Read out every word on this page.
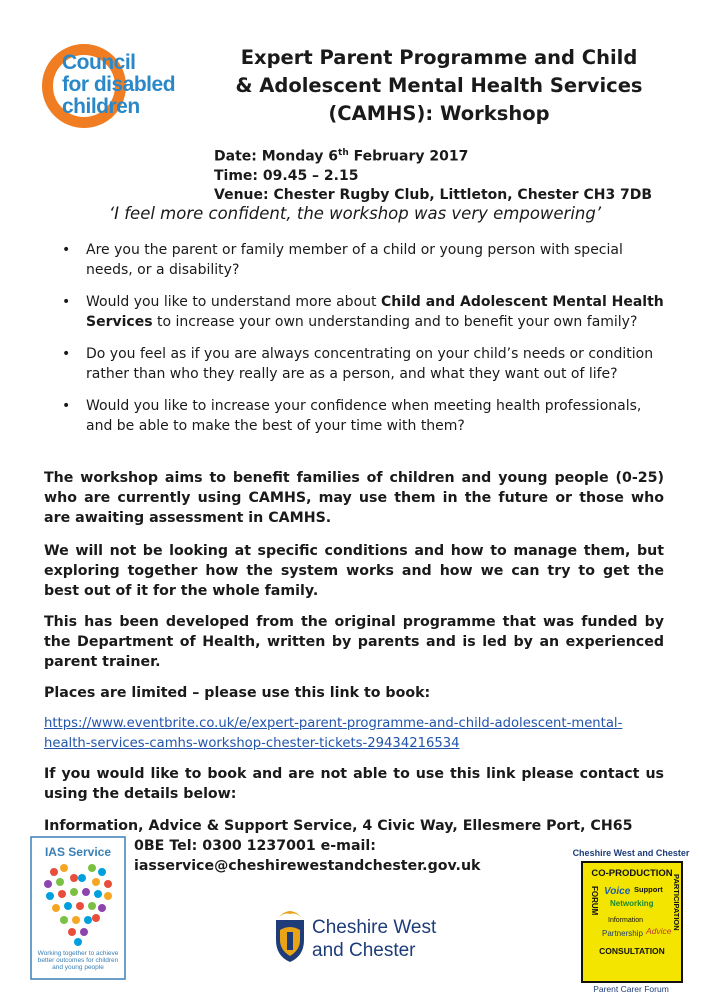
Council
for disabled
children
Expert Parent Programme and Child
& Adolescent Mental Health Services
(CAMHS): Workshop
Date: Monday 6th February 2017
Time: 09.45 – 2.15
Venue: Chester Rugby Club, Littleton, Chester CH3 7DB
‘I feel more confident, the workshop was very empowering’
• Are you the parent or family member of a child or young person with special needs, or a disability?
• Would you like to understand more about Child and Adolescent Mental Health Services to increase your own understanding and to benefit your own family?
• Do you feel as if you are always concentrating on your child’s needs or condition rather than who they really are as a person, and what they want out of life?
• Would you like to increase your confidence when meeting health professionals, and be able to make the best of your time with them?
The workshop aims to benefit families of children and young people (0-25) who are currently using CAMHS, may use them in the future or those who are awaiting assessment in CAMHS.
We will not be looking at specific conditions and how to manage them, but exploring together how the system works and how we can try to get the best out of it for the whole family.
This has been developed from the original programme that was funded by the Department of Health, written by parents and is led by an experienced parent trainer.
Places are limited – please use this link to book:
https://www.eventbrite.co.uk/e/expert-parent-programme-and-child-adolescent-mental-health-services-camhs-workshop-chester-tickets-29434216534
If you would like to book and are not able to use this link please contact us using the details below:
Information, Advice & Support Service, 4 Civic Way, Ellesmere Port, CH65
0BE Tel: 0300 1237001 e-mail:
iasservice@cheshirewestandchester.gov.uk
IAS Service
Working together to achieve better outcomes for children and young people
Cheshire West
and Chester
Cheshire West and Chester
CO-PRODUCTION
Voice Support
Networking
Information
Partnership Advice
CONSULTATION
FORUM	PARTICIPATION
Parent Carer Forum
